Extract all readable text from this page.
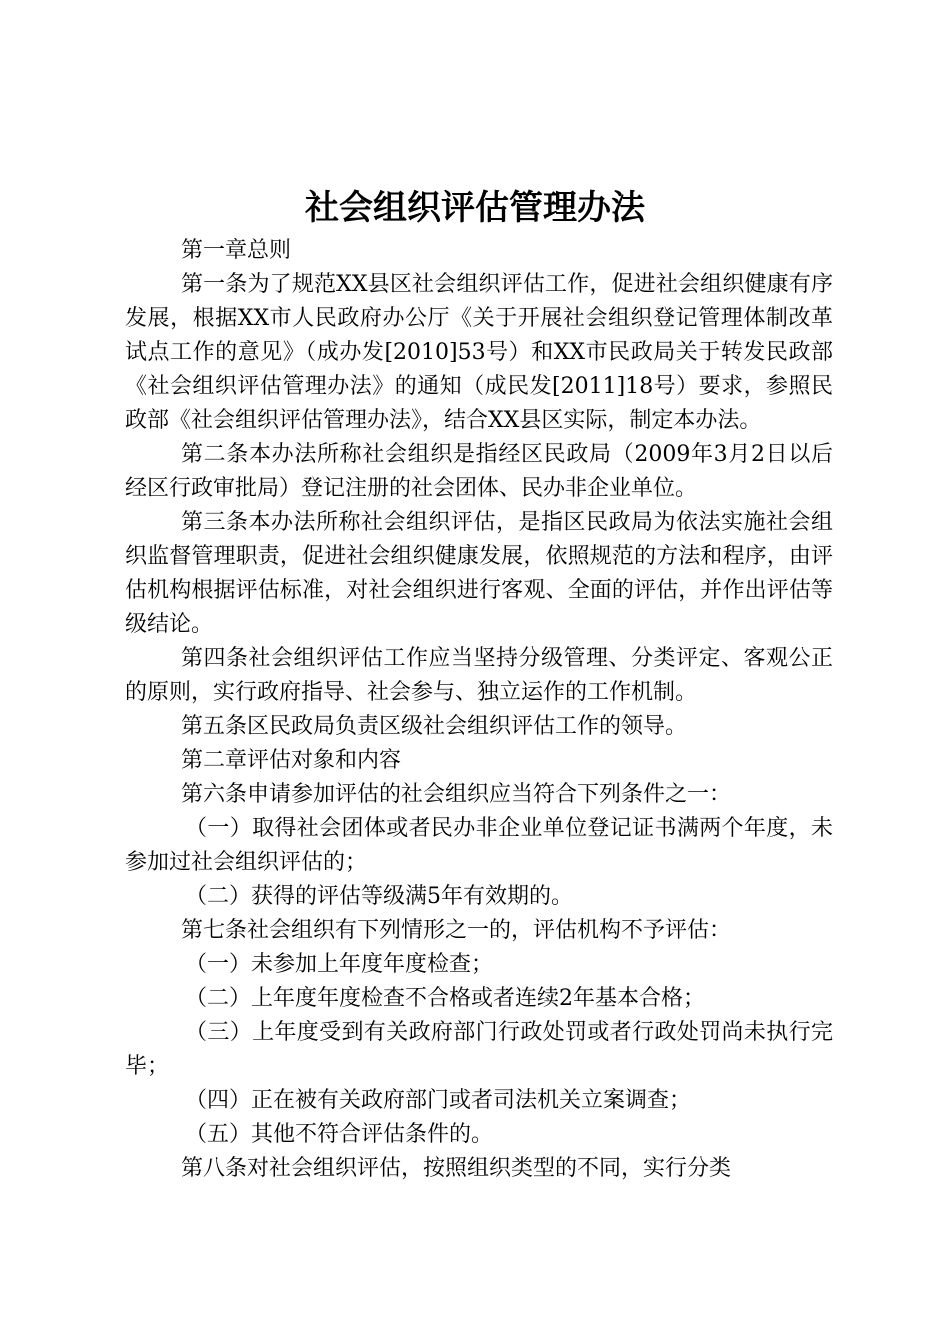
社会组织评估管理办法

第一章总则

第一条为了规范XX县区社会组织评估工作，促进社会组织健康有序发展，根据XX市人民政府办公厅《关于开展社会组织登记管理体制改革试点工作的意见》（成办发[2010]53号）和XX市民政局关于转发民政部《社会组织评估管理办法》的通知（成民发[2011]18号）要求，参照民政部《社会组织评估管理办法》，结合XX县区实际，制定本办法。

第二条本办法所称社会组织是指经区民政局（2009年3月2日以后经区行政审批局）登记注册的社会团体、民办非企业单位。

第三条本办法所称社会组织评估，是指区民政局为依法实施社会组织监督管理职责，促进社会组织健康发展，依照规范的方法和程序，由评估机构根据评估标准，对社会组织进行客观、全面的评估，并作出评估等级结论。

第四条社会组织评估工作应当坚持分级管理、分类评定、客观公正的原则，实行政府指导、社会参与、独立运作的工作机制。

第五条区民政局负责区级社会组织评估工作的领导。

第二章评估对象和内容

第六条申请参加评估的社会组织应当符合下列条件之一：

（一）取得社会团体或者民办非企业单位登记证书满两个年度，未参加过社会组织评估的；

（二）获得的评估等级满5年有效期的。

第七条社会组织有下列情形之一的，评估机构不予评估：

（一）未参加上年度年度检查；

（二）上年度年度检查不合格或者连续2年基本合格；

（三）上年度受到有关政府部门行政处罚或者行政处罚尚未执行完毕；

（四）正在被有关政府部门或者司法机关立案调查；

（五）其他不符合评估条件的。

第八条对社会组织评估，按照组织类型的不同，实行分类
